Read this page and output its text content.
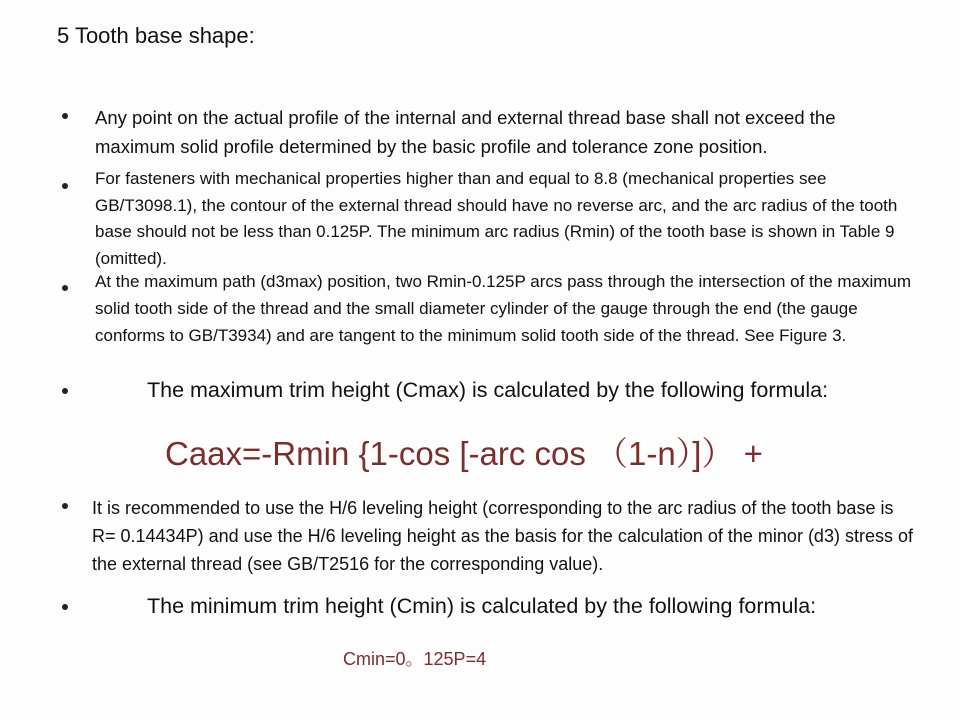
5 Tooth base shape:
Any point on the actual profile of the internal and external thread base shall not exceed the maximum solid profile determined by the basic profile and tolerance zone position.
For fasteners with mechanical properties higher than and equal to 8.8 (mechanical properties see GB/T3098.1), the contour of the external thread should have no reverse arc, and the arc radius of the tooth base should not be less than 0.125P. The minimum arc radius (Rmin) of the tooth base is shown in Table 9 (omitted).
At the maximum path (d3max) position, two Rmin-0.125P arcs pass through the intersection of the maximum solid tooth side of the thread and the small diameter cylinder of the gauge through the end (the gauge conforms to GB/T3934) and are tangent to the minimum solid tooth side of the thread. See Figure 3.
The maximum trim height (Cmax) is calculated by the following formula:
Caax=-Rmin {1-cos [-arc cos （1-n）]） +
It is recommended to use the H/6 leveling height (corresponding to the arc radius of the tooth base is R= 0.14434P) and use the H/6 leveling height as the basis for the calculation of the minor (d3) stress of the external thread (see GB/T2516 for the corresponding value).
The minimum trim height (Cmin) is calculated by the following formula:
Cmin=0。125P=4
